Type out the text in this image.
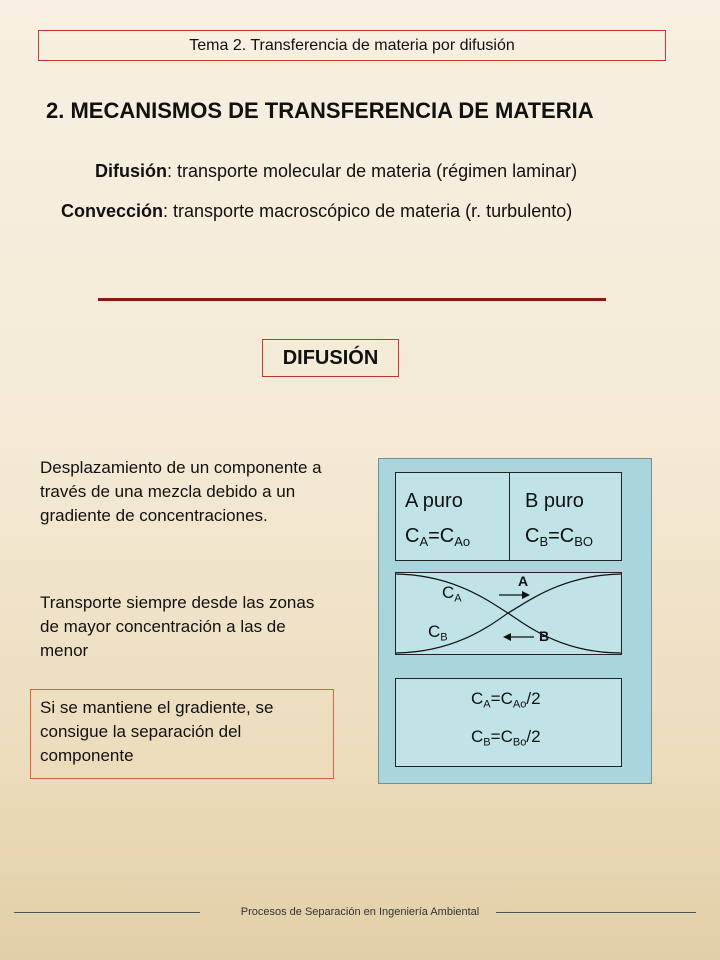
Tema 2. Transferencia de materia por difusión
2. MECANISMOS DE TRANSFERENCIA DE MATERIA
Difusión: transporte molecular de materia (régimen laminar)
Convección: transporte macroscópico de materia (r. turbulento)
DIFUSIÓN
Desplazamiento de un componente a través de una mezcla debido a un gradiente de concentraciones.
Transporte siempre desde las zonas de mayor concentración a las de menor
Si se mantiene el gradiente, se consigue la separación del componente
A puro
$C_A=C_{Ao}$
B puro
$C_B=C_{BO}$
$C_A$
$C_B$
A
B
$C_A=C_{Ao}/2$
$C_B=C_{Bo}/2$
Procesos de Separación en Ingeniería Ambiental
